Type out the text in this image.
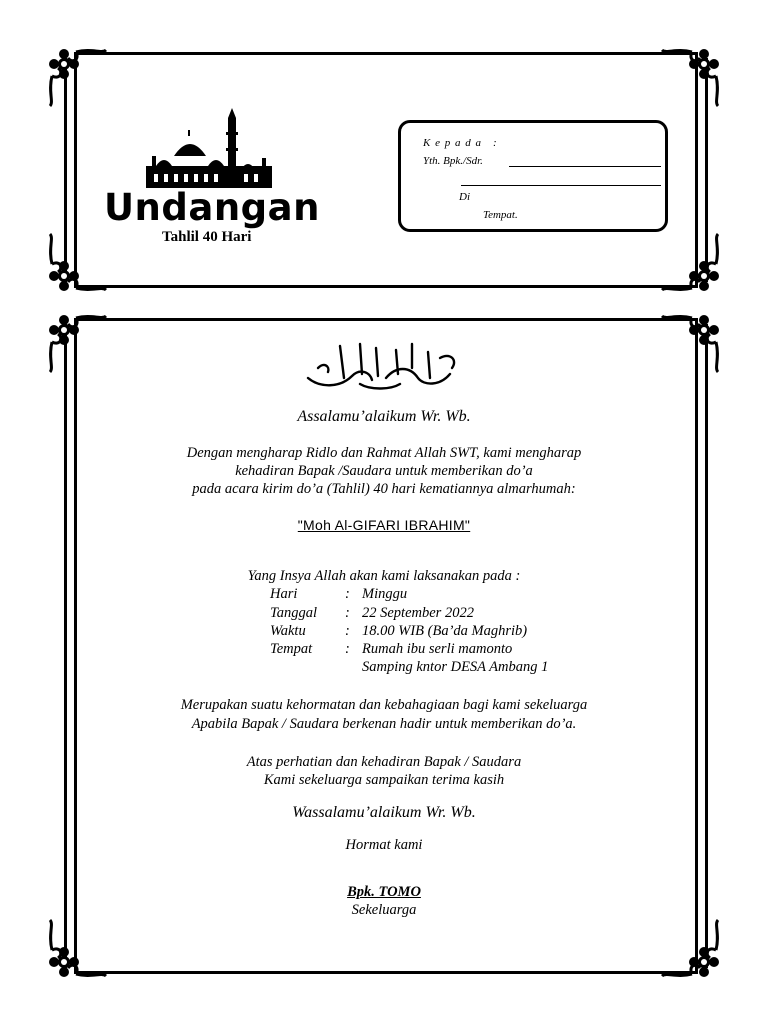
Undangan
Tahlil 40 Hari
K e p a d a :
Yth. Bpk./Sdr.
Di
Tempat.
Assalamu’alaikum Wr. Wb.
Dengan mengharap Ridlo dan Rahmat Allah SWT, kami mengharap
kehadiran Bapak /Saudara untuk memberikan do’a
pada acara kirim do’a (Tahlil) 40 hari kematiannya almarhumah:
"Moh Al-GIFARI IBRAHIM"
Yang Insya Allah akan kami laksanakan pada :
Hari	: Minggu
Tanggal : 22 September 2022
Waktu	: 18.00 WIB (Ba’da Maghrib)
Tempat : Rumah ibu serli mamonto
Samping kntor DESA Ambang 1
Merupakan suatu kehormatan dan kebahagiaan bagi kami sekeluarga
Apabila Bapak / Saudara berkenan hadir untuk memberikan do’a.
Atas perhatian dan kehadiran Bapak / Saudara
Kami sekeluarga sampaikan terima kasih
Wassalamu’alaikum Wr. Wb.
Hormat kami
Bpk. TOMO
Sekeluarga
